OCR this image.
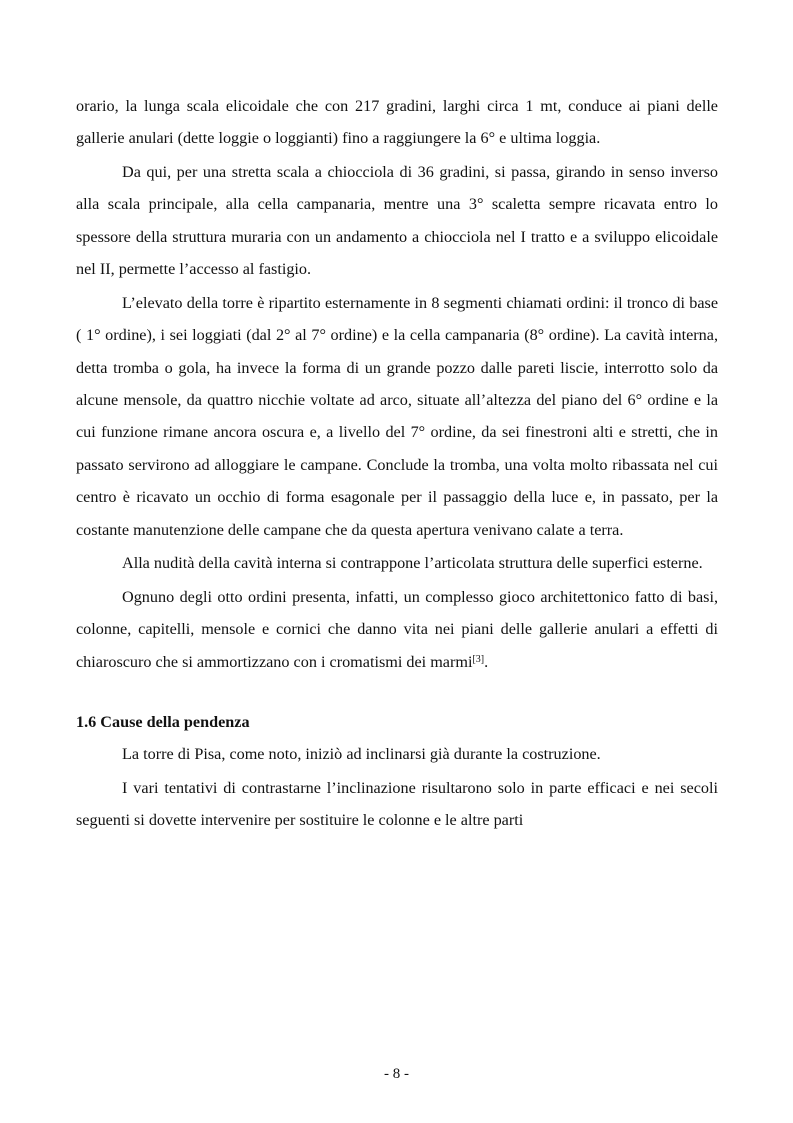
orario, la lunga scala elicoidale che con 217 gradini, larghi circa 1 mt, conduce ai piani delle gallerie anulari (dette loggie o loggianti) fino a raggiungere la 6° e ultima loggia.

Da qui, per una stretta scala a chiocciola di 36 gradini, si passa, girando in senso inverso alla scala principale, alla cella campanaria, mentre una 3° scaletta sempre ricavata entro lo spessore della struttura muraria con un andamento a chiocciola nel I tratto e a sviluppo elicoidale nel II, permette l’accesso al fastigio.

L’elevato della torre è ripartito esternamente in 8 segmenti chiamati ordini: il tronco di base ( 1° ordine), i sei loggiati (dal 2° al 7° ordine) e la cella campanaria (8° ordine). La cavità interna, detta tromba o gola, ha invece la forma di un grande pozzo dalle pareti liscie, interrotto solo da alcune mensole, da quattro nicchie voltate ad arco, situate all’altezza del piano del 6° ordine e la cui funzione rimane ancora oscura e, a livello del 7° ordine, da sei finestroni alti e stretti, che in passato servirono ad alloggiare le campane. Conclude la tromba, una volta molto ribassata nel cui centro è ricavato un occhio di forma esagonale per il passaggio della luce e, in passato, per la costante manutenzione delle campane che da questa apertura venivano calate a terra.

Alla nudità della cavità interna si contrappone l’articolata struttura delle superfici esterne.

Ognuno degli otto ordini presenta, infatti, un complesso gioco architettonico fatto di basi, colonne, capitelli, mensole e cornici che danno vita nei piani delle gallerie anulari a effetti di chiaroscuro che si ammortizzano con i cromatismi dei marmi[3].

1.6 Cause della pendenza

La torre di Pisa, come noto, iniziò ad inclinarsi già durante la costruzione.

I vari tentativi di contrastarne l’inclinazione risultarono solo in parte efficaci e nei secoli seguenti si dovette intervenire per sostituire le colonne e le altre parti

- 8 -
